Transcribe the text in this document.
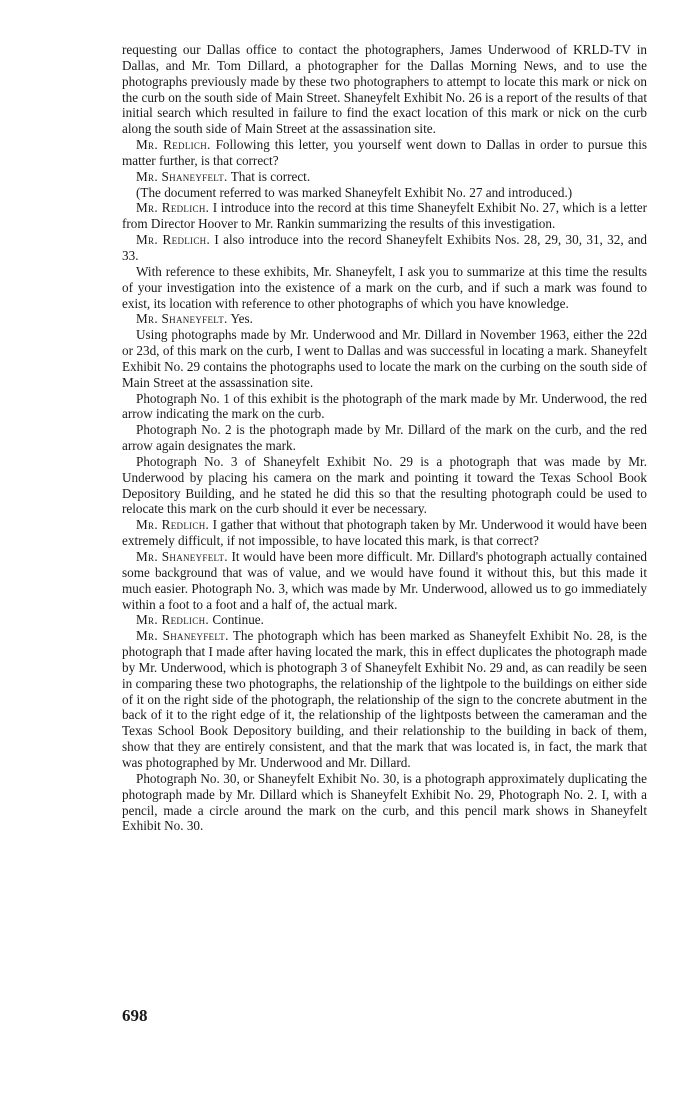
requesting our Dallas office to contact the photographers, James Underwood of KRLD-TV in Dallas, and Mr. Tom Dillard, a photographer for the Dallas Morning News, and to use the photographs previously made by these two photographers to attempt to locate this mark or nick on the curb on the south side of Main Street. Shaneyfelt Exhibit No. 26 is a report of the results of that initial search which resulted in failure to find the exact location of this mark or nick on the curb along the south side of Main Street at the assassination site.

Mr. Redlich. Following this letter, you yourself went down to Dallas in order to pursue this matter further, is that correct?

Mr. Shaneyfelt. That is correct.

(The document referred to was marked Shaneyfelt Exhibit No. 27 and introduced.)

Mr. Redlich. I introduce into the record at this time Shaneyfelt Exhibit No. 27, which is a letter from Director Hoover to Mr. Rankin summarizing the results of this investigation.

Mr. Redlich. I also introduce into the record Shaneyfelt Exhibits Nos. 28, 29, 30, 31, 32, and 33.

With reference to these exhibits, Mr. Shaneyfelt, I ask you to summarize at this time the results of your investigation into the existence of a mark on the curb, and if such a mark was found to exist, its location with reference to other photographs of which you have knowledge.

Mr. Shaneyfelt. Yes.

Using photographs made by Mr. Underwood and Mr. Dillard in November 1963, either the 22d or 23d, of this mark on the curb, I went to Dallas and was successful in locating a mark. Shaneyfelt Exhibit No. 29 contains the photographs used to locate the mark on the curbing on the south side of Main Street at the assassination site.

Photograph No. 1 of this exhibit is the photograph of the mark made by Mr. Underwood, the red arrow indicating the mark on the curb.

Photograph No. 2 is the photograph made by Mr. Dillard of the mark on the curb, and the red arrow again designates the mark.

Photograph No. 3 of Shaneyfelt Exhibit No. 29 is a photograph that was made by Mr. Underwood by placing his camera on the mark and pointing it toward the Texas School Book Depository Building, and he stated he did this so that the resulting photograph could be used to relocate this mark on the curb should it ever be necessary.

Mr. Redlich. I gather that without that photograph taken by Mr. Underwood it would have been extremely difficult, if not impossible, to have located this mark, is that correct?

Mr. Shaneyfelt. It would have been more difficult. Mr. Dillard's photograph actually contained some background that was of value, and we would have found it without this, but this made it much easier. Photograph No. 3, which was made by Mr. Underwood, allowed us to go immediately within a foot to a foot and a half of, the actual mark.

Mr. Redlich. Continue.

Mr. Shaneyfelt. The photograph which has been marked as Shaneyfelt Exhibit No. 28, is the photograph that I made after having located the mark, this in effect duplicates the photograph made by Mr. Underwood, which is photograph 3 of Shaneyfelt Exhibit No. 29 and, as can readily be seen in comparing these two photographs, the relationship of the lightpole to the buildings on either side of it on the right side of the photograph, the relationship of the sign to the concrete abutment in the back of it to the right edge of it, the relationship of the lightposts between the cameraman and the Texas School Book Depository building, and their relationship to the building in back of them, show that they are entirely consistent, and that the mark that was located is, in fact, the mark that was photographed by Mr. Underwood and Mr. Dillard.

Photograph No. 30, or Shaneyfelt Exhibit No. 30, is a photograph approximately duplicating the photograph made by Mr. Dillard which is Shaneyfelt Exhibit No. 29, Photograph No. 2. I, with a pencil, made a circle around the mark on the curb, and this pencil mark shows in Shaneyfelt Exhibit No. 30.

698
